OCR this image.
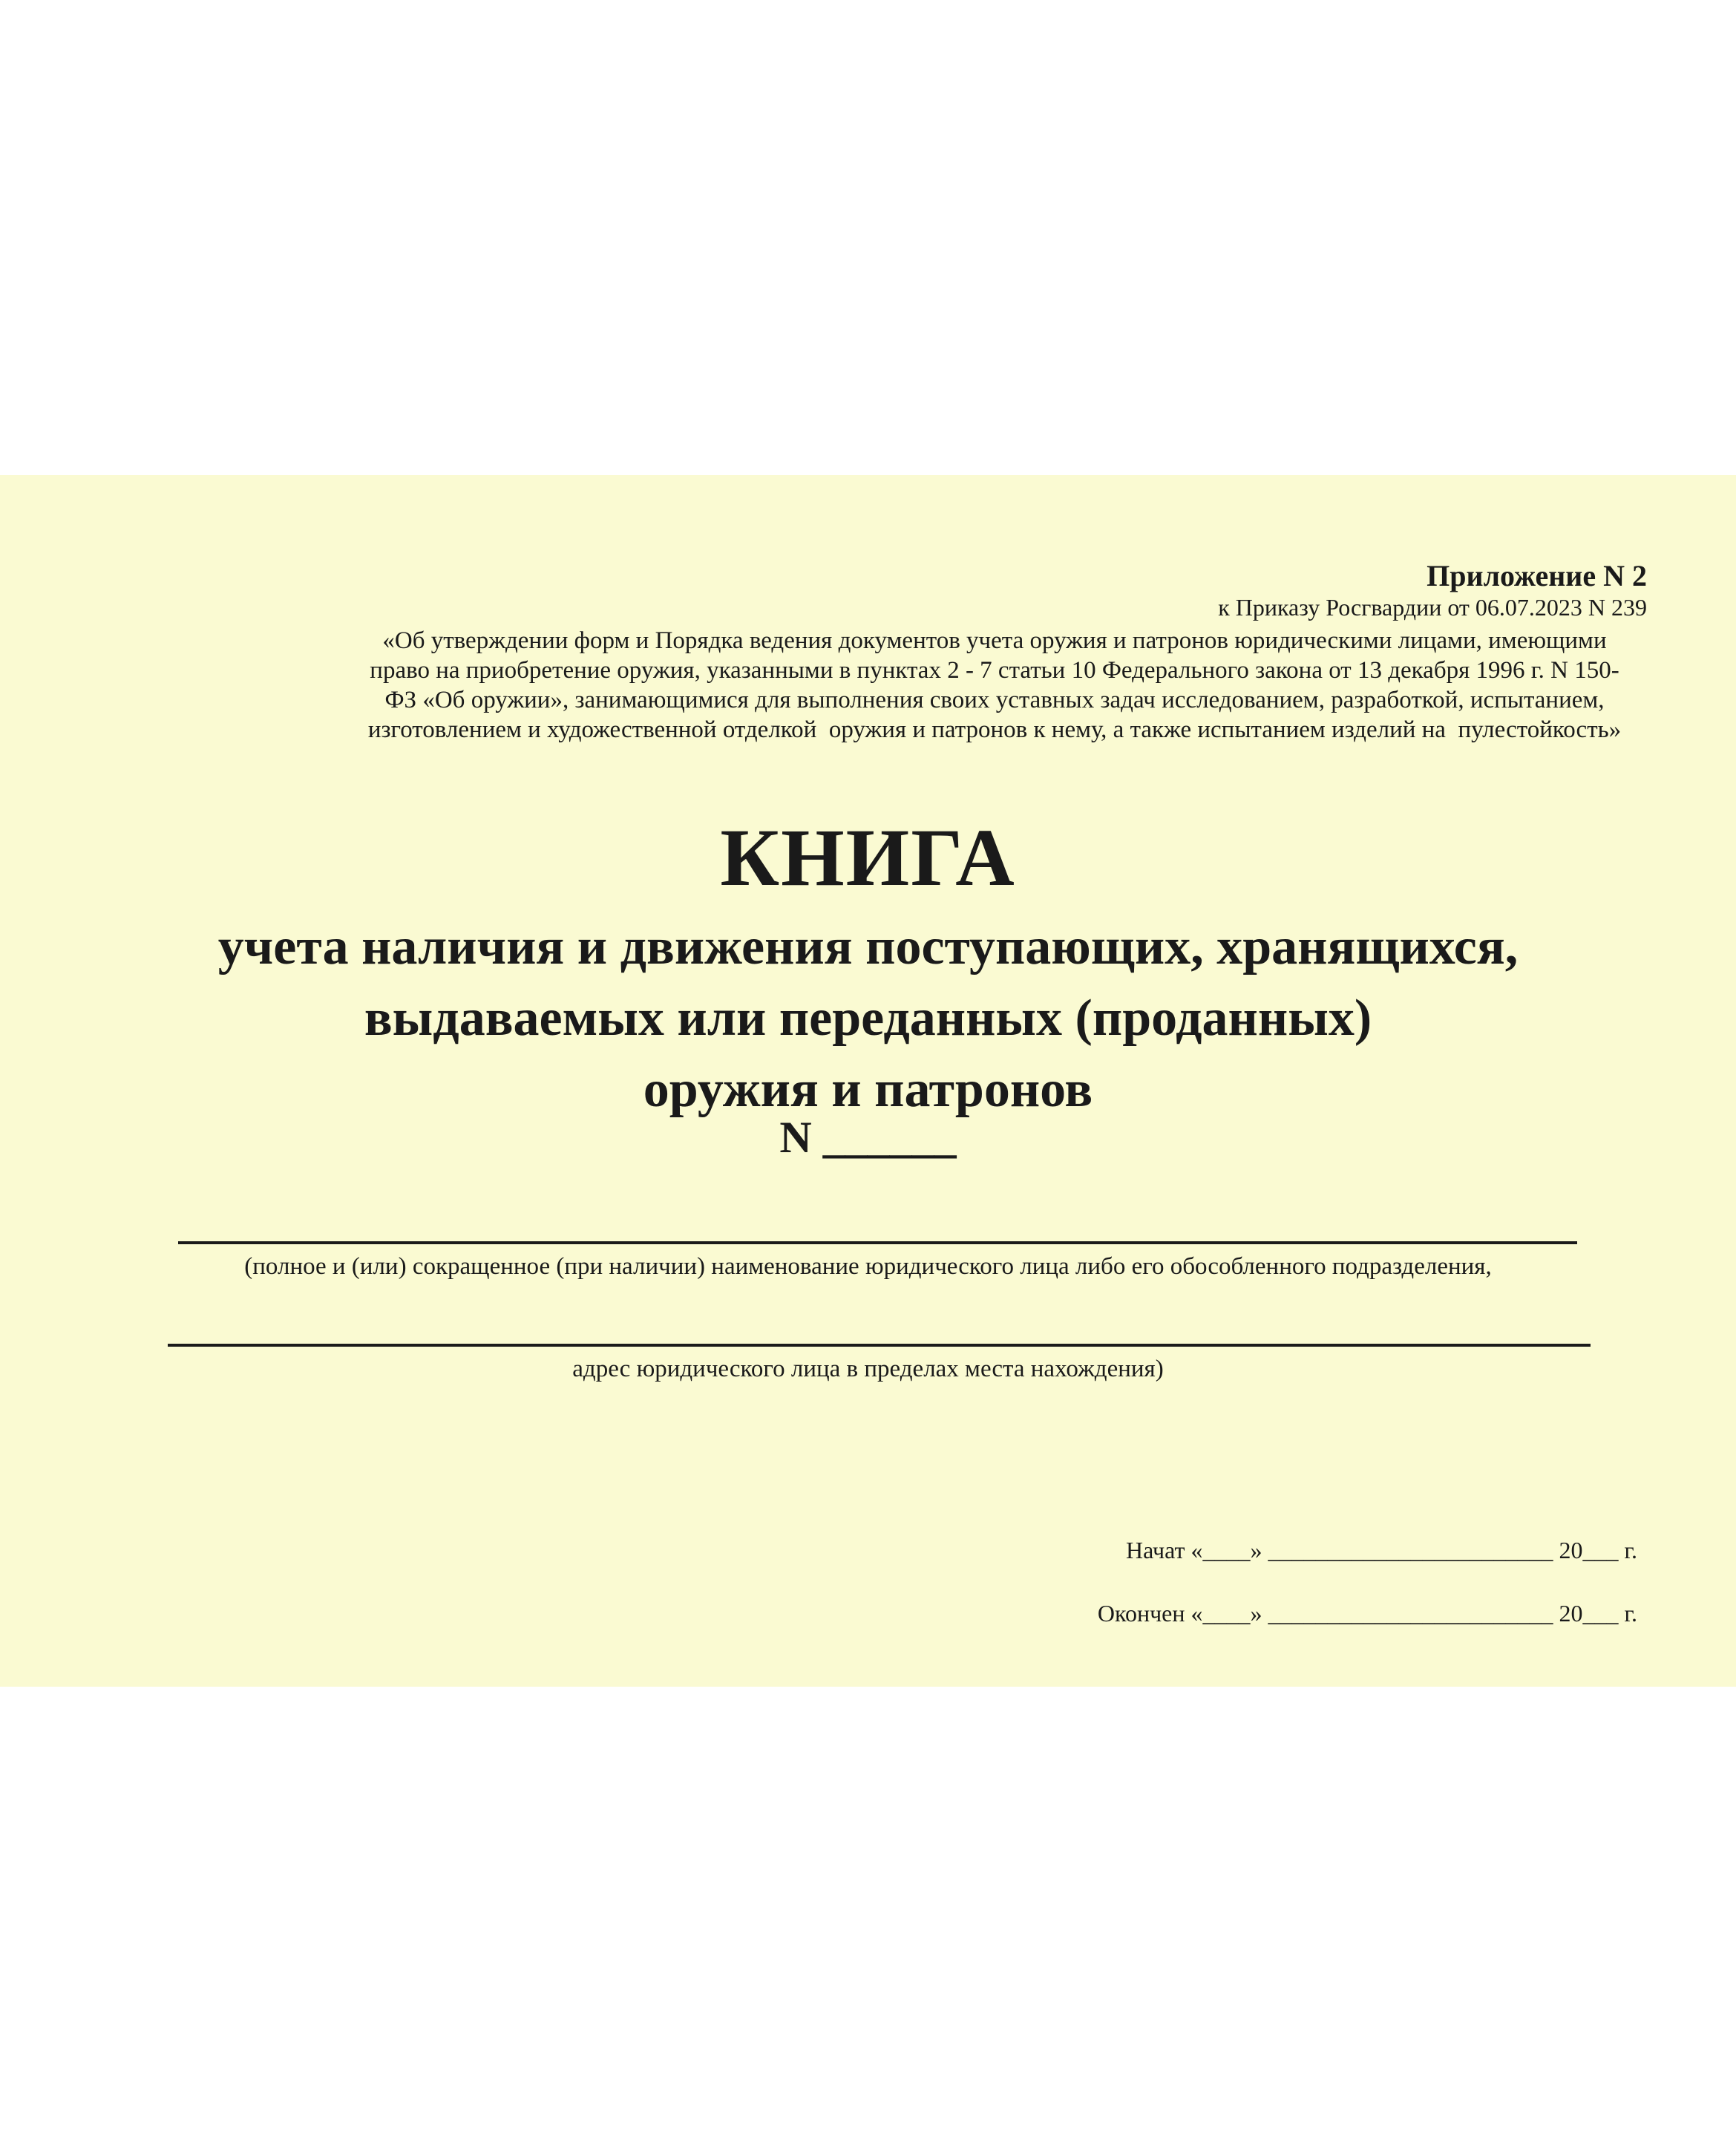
Приложение N 2
к Приказу Росгвардии от 06.07.2023 N 239
«Об утверждении форм и Порядка ведения документов учета оружия и патронов юридическими лицами, имеющими
право на приобретение оружия, указанными в пунктах 2 - 7 статьи 10 Федерального закона от 13 декабря 1996 г. N 150-
ФЗ «Об оружии», занимающимися для выполнения своих уставных задач исследованием, разработкой, испытанием,
изготовлением и художественной отделкой  оружия и патронов к нему, а также испытанием изделий на  пулестойкость»
КНИГА
учета наличия и движения поступающих, хранящихся,
выдаваемых или переданных (проданных)
оружия и патронов
N ______
(полное и (или) сокращенное (при наличии) наименование юридического лица либо его обособленного подразделения,
адрес юридического лица в пределах места нахождения)
Начат «____» ________________________ 20___ г.
Окончен «____» ________________________ 20___ г.
